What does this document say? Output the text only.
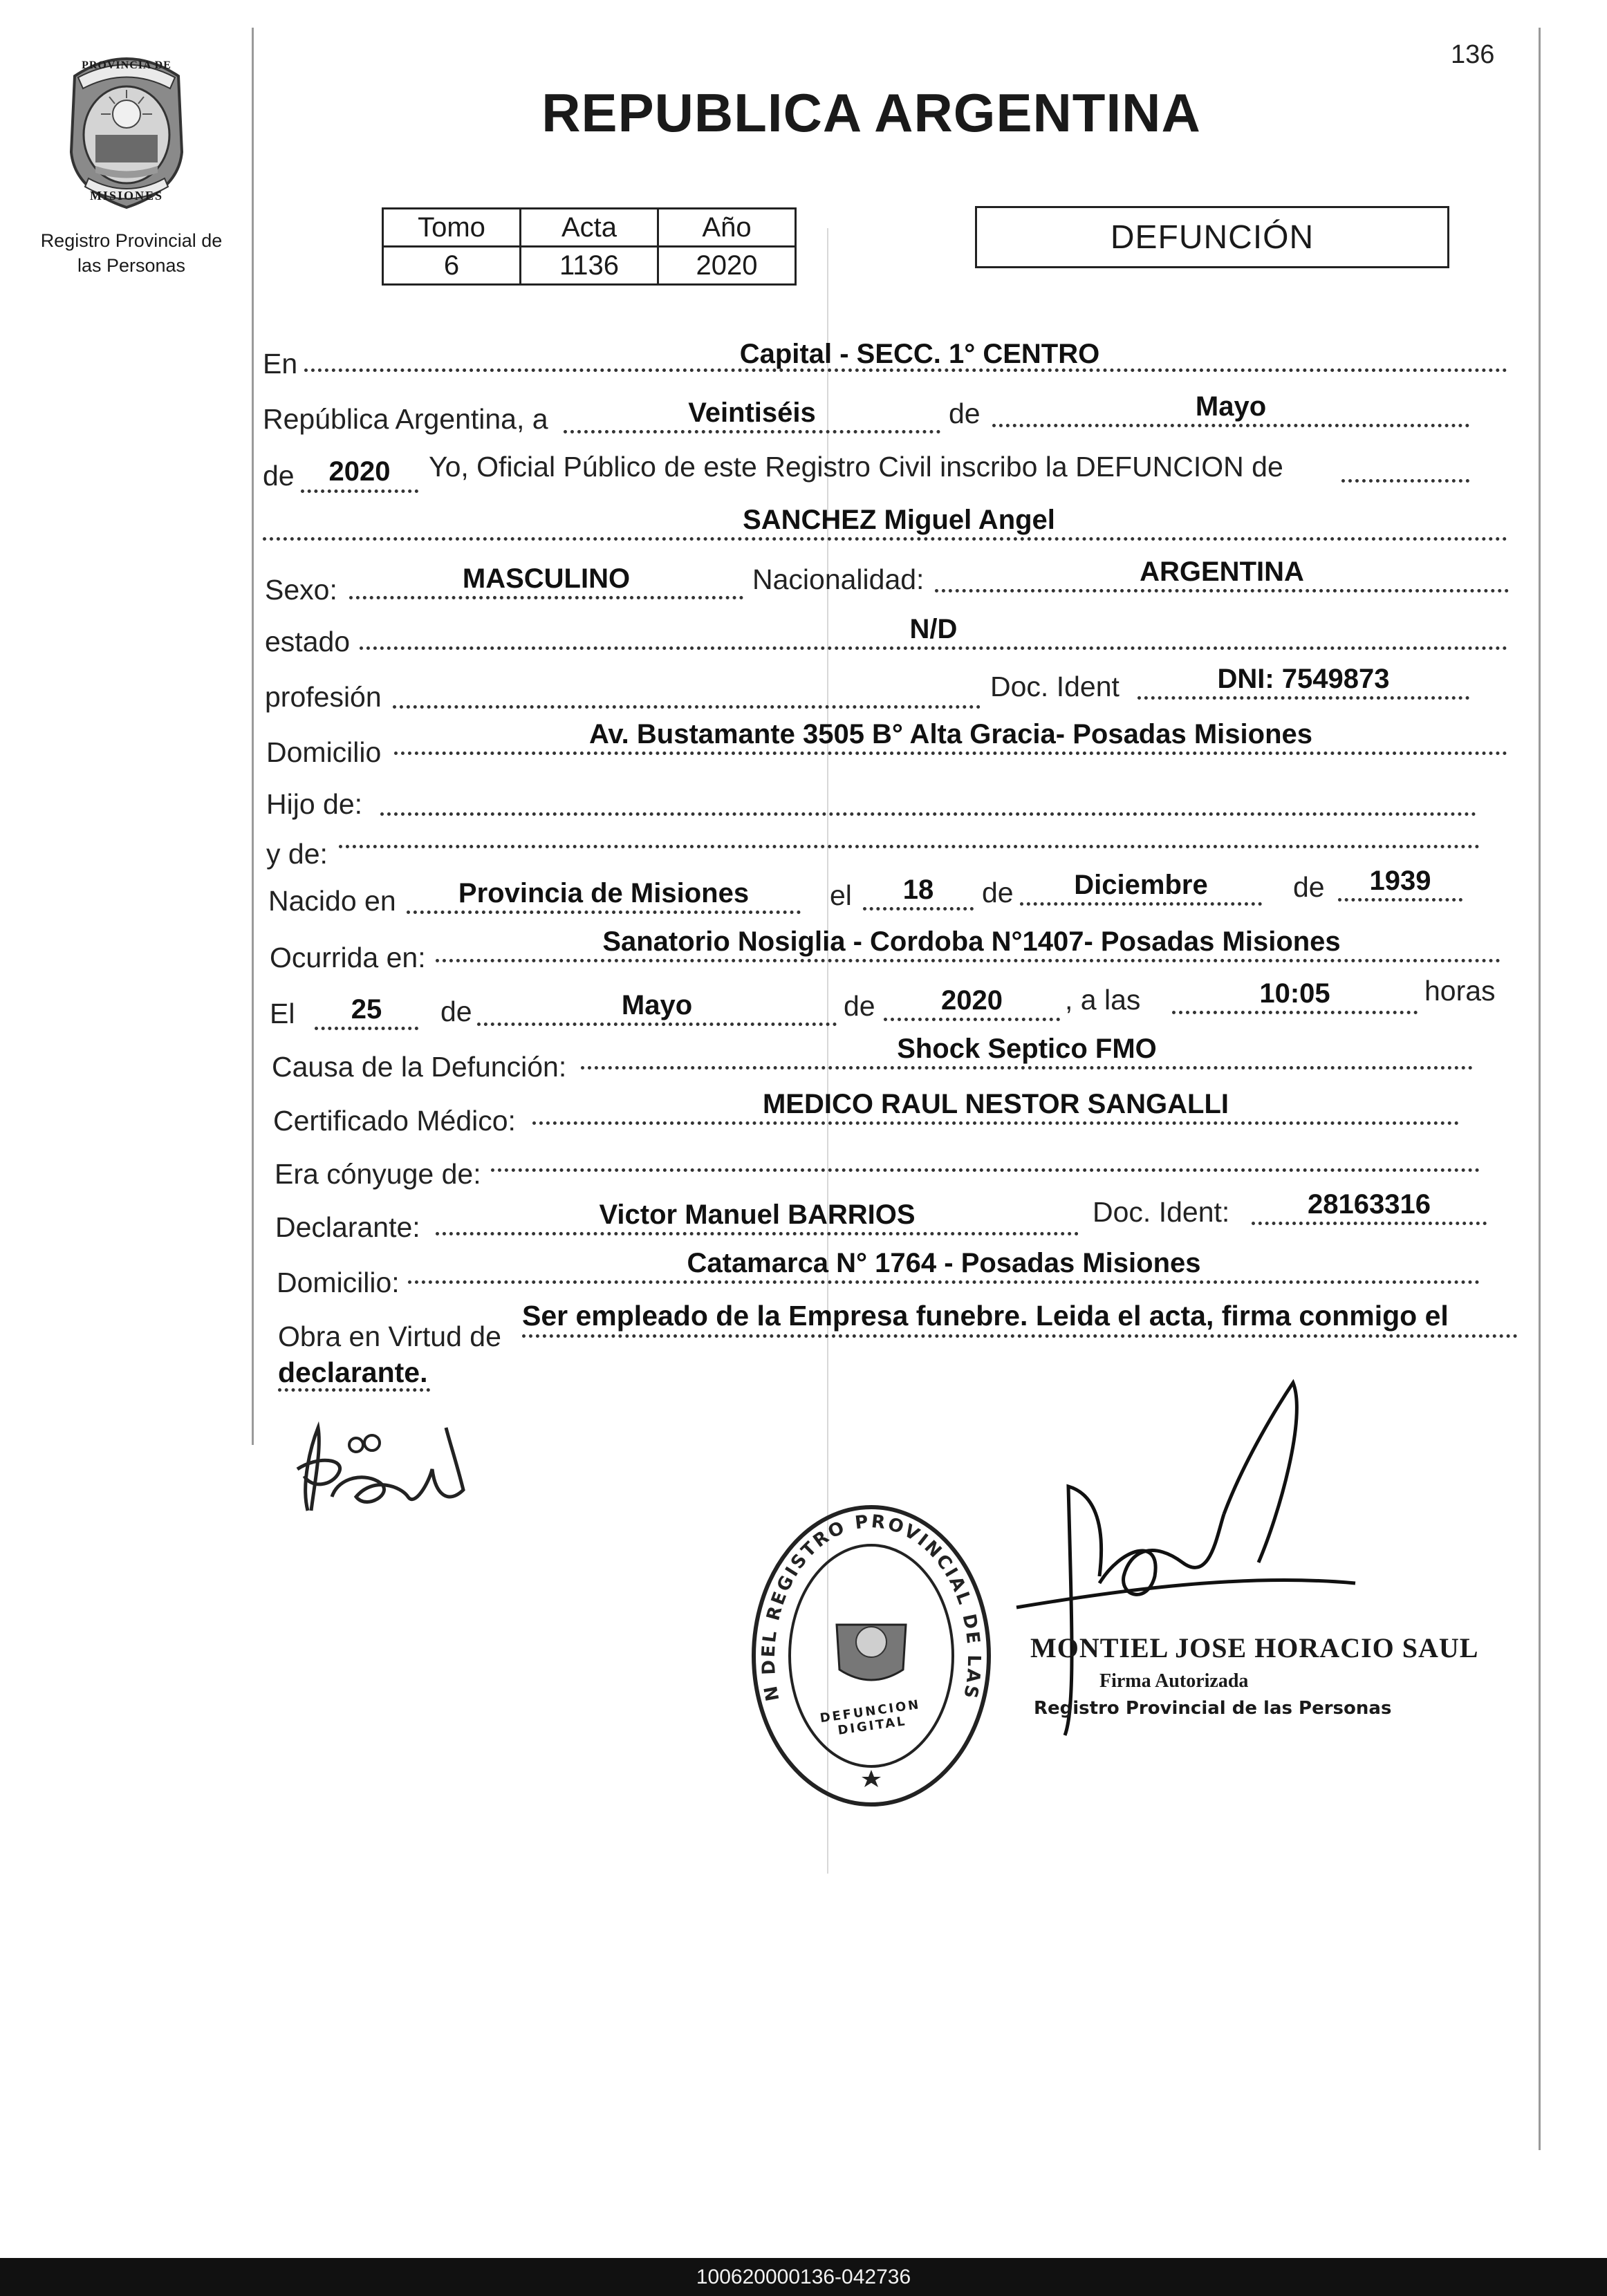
136
PROVINCIA DE
MISIONES
Registro Provincial de
las Personas
REPUBLICA ARGENTINA
Tomo	Acta	Año
6	1136	2020
DEFUNCIÓN
En	Capital - SECC. 1° CENTRO
República Argentina, a	Veintiséis	de	Mayo
de	2020	Yo, Oficial Público de este Registro Civil inscribo la DEFUNCION de
SANCHEZ Miguel Angel
Sexo:	MASCULINO	Nacionalidad:	ARGENTINA
estado	N/D
profesión	Doc. Ident	DNI: 7549873
Domicilio
Av. Bustamante 3505 B° Alta Gracia- Posadas Misiones
Hijo de:
y de:
Nacido en	Provincia de Misiones	el	18	de	Diciembre	de	1939
Ocurrida en:	Sanatorio Nosiglia - Cordoba N°1407- Posadas Misiones
El	25	de	Mayo	de	2020	, a las	10:05	horas
Causa de la Defunción:
Shock Septico FMO
Certificado Médico:
MEDICO RAUL NESTOR SANGALLI
Era cónyuge de:
Declarante:	Victor Manuel BARRIOS	Doc. Ident:	28163316
Domicilio:
Catamarca N° 1764 - Posadas Misiones
Obra en Virtud de
Ser empleado de la Empresa funebre. Leida el acta, firma conmigo el
declarante.
N DEL REGISTRO PROVINCIAL DE LAS
DEFUNCION DIGITAL
MONTIEL JOSE HORACIO SAUL
Firma Autorizada
Registro Provincial de las Personas
100620000136-042736
